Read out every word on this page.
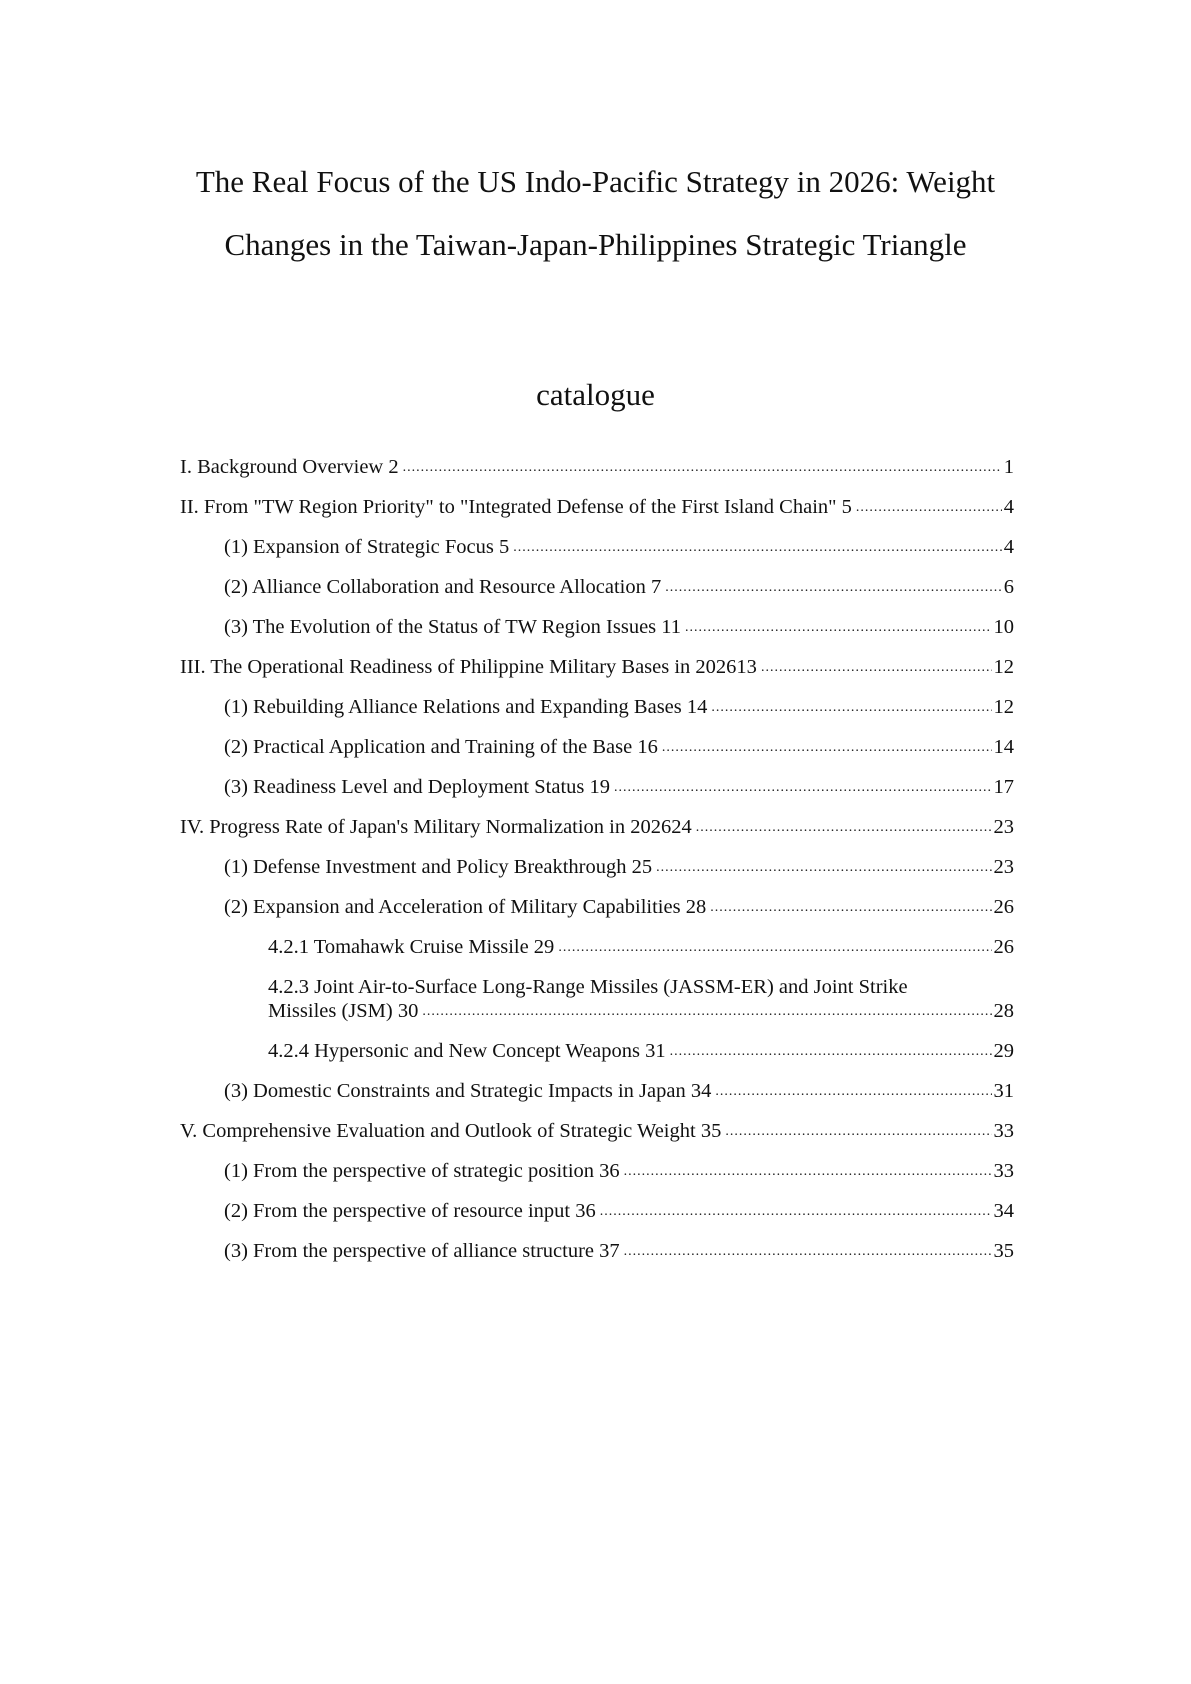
The Real Focus of the US Indo-Pacific Strategy in 2026: Weight
Changes in the Taiwan-Japan-Philippines Strategic Triangle
catalogue
I. Background Overview 2 .....	1
II. From "TW Region Priority" to "Integrated Defense of the First Island Chain" 5 .....	4
(1) Expansion of Strategic Focus 5 .....	4
(2) Alliance Collaboration and Resource Allocation 7 .....	6
(3) The Evolution of the Status of TW Region Issues 11 .....	10
III. The Operational Readiness of Philippine Military Bases in 202613 .....	12
(1) Rebuilding Alliance Relations and Expanding Bases 14 .....	12
(2) Practical Application and Training of the Base 16 .....	14
(3) Readiness Level and Deployment Status 19 .....	17
IV. Progress Rate of Japan's Military Normalization in 202624 .....	23
(1) Defense Investment and Policy Breakthrough 25 .....	23
(2) Expansion and Acceleration of Military Capabilities 28 .....	26
4.2.1 Tomahawk Cruise Missile 29 .....	26
4.2.3 Joint Air-to-Surface Long-Range Missiles (JASSM-ER) and Joint Strike
Missiles (JSM) 30 .....	28
4.2.4 Hypersonic and New Concept Weapons 31 .....	29
(3) Domestic Constraints and Strategic Impacts in Japan 34 .....	31
V. Comprehensive Evaluation and Outlook of Strategic Weight 35 .....	33
(1) From the perspective of strategic position 36 .....	33
(2) From the perspective of resource input 36 .....	34
(3) From the perspective of alliance structure 37 .....	35
